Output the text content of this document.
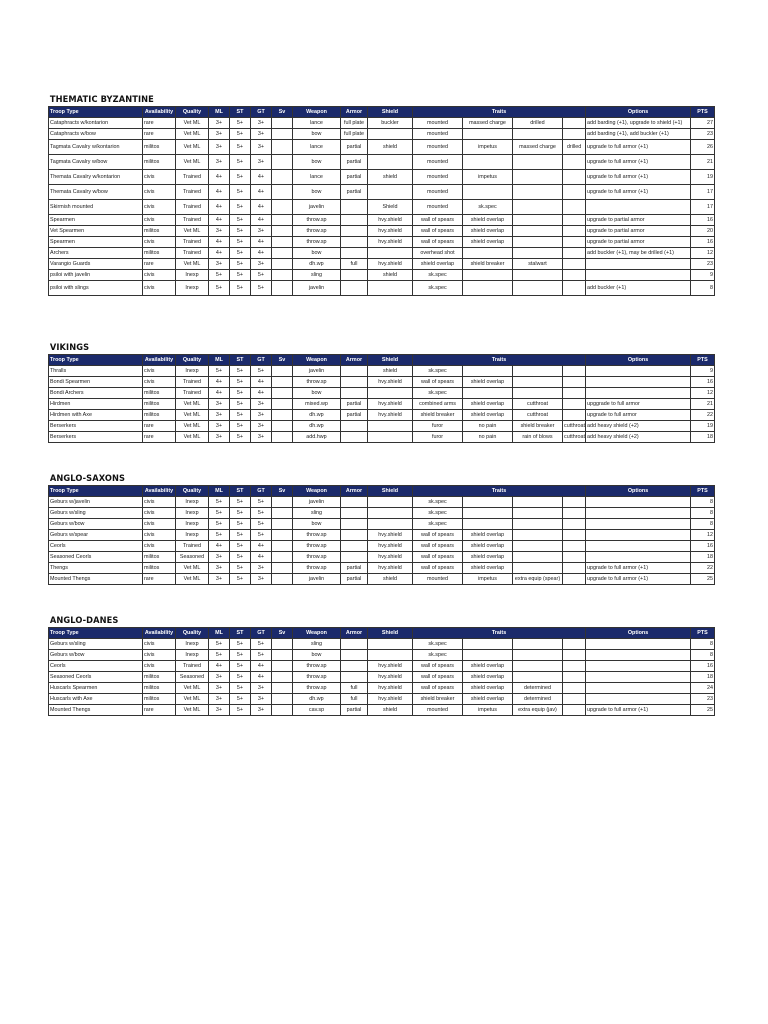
THEMATIC BYZANTINE
Troop Type	Availability	Quality	ML	ST	GT	Sv	Weapon	Armor	Shield	Traits				Options	PTS
Cataphracts w/kontarion	rare	Vet ML	3+	5+	3+		lance	full plate	buckler	mounted	massed charge	drilled		add barding (+1), upgrade to shield (+1)	27
Cataphracts w/bow	rare	Vet ML	3+	5+	3+		bow	full plate		mounted				add barding (+1), add buckler (+1)	23
Tagmata Cavalry w/kontarion	militos	Vet ML	3+	5+	3+		lance	partial	shield	mounted	impetus	massed charge	drilled	upgrade to full armor (+1)	26
Tagmata Cavalry w/bow	militos	Vet ML	3+	5+	3+		bow	partial		mounted				upgrade to full armor (+1)	21
Themata Cavalry w/kontarion	civis	Trained	4+	5+	4+		lance	partial	shield	mounted	impetus			upgrade to full armor (+1)	19
Themata Cavalry w/bow	civis	Trained	4+	5+	4+		bow	partial		mounted				upgrade to full armor (+1)	17
Skirmish mounted	civis	Trained	4+	5+	4+		javelin		Shield	mounted	sk.spec				17
Spearmen	civis	Trained	4+	5+	4+		throw.sp		hvy.shield	wall of spears	shield overlap			upgrade to partial armor	16
Vet Spearmen	militos	Vet ML	3+	5+	3+		throw.sp		hvy.shield	wall of spears	shield overlap			upgrade to partial armor	20
Spearmen	civis	Trained	4+	5+	4+		throw.sp		hvy.shield	wall of spears	shield overlap			upgrade to partial armor	16
Archers	militos	Trained	4+	5+	4+		bow			overhead shot				add buckler (+1), may be drilled (+1)	12
Varangio Guards	rare	Vet ML	3+	5+	3+		dh.wp	full	hvy.shield	shield overlap	shield breaker	stalwart			23
psiloi with javelin	civis	Inexp	5+	5+	5+		sling		shield	sk.spec					9
psiloi with slings	civis	Inexp	5+	5+	5+		javelin			sk.spec				add buckler (+1)	8
VIKINGS
Troop Type	Availability	Quality	ML	ST	GT	Sv	Weapon	Armor	Shield	Traits				Options	PTS
Thralls	civis	Inexp	5+	5+	5+		javelin		shield	sk.spec					9
Bondi Spearmen	civis	Trained	4+	5+	4+		throw.sp		hvy.shield	wall of spears	shield overlap				16
Bondi Archers	militos	Trained	4+	5+	4+		bow			sk.spec					12
Hirdmen	militos	Vet ML	3+	5+	3+		mixed.wp	partial	hvy.shield	combined arms	shield overlap	cutthroat		upggrade to full armor	21
Hirdmen with Axe	militos	Vet ML	3+	5+	3+		dh.wp	partial	hvy.shield	shield breaker	shield overlap	cutthroat		upgrade to full armor	22
Berserkers	rare	Vet ML	3+	5+	3+		dh.wp			furor	no pain	shield breaker	cutthroat	add heavy shield (+2)	19
Berserkers	rare	Vet ML	3+	5+	3+		add.hwp			furor	no pain	rain of blows	cutthroat	add heavy shield (+2)	18
ANGLO-SAXONS
Troop Type	Availability	Quality	ML	ST	GT	Sv	Weapon	Armor	Shield	Traits				Options	PTS
Geburs w/javelin	civis	Inexp	5+	5+	5+		javelin			sk.spec					8
Geburs w/sling	civis	Inexp	5+	5+	5+		sling			sk.spec					8
Geburs w/bow	civis	Inexp	5+	5+	5+		bow			sk.spec					8
Geburs w/spear	civis	Inexp	5+	5+	5+		throw.sp		hvy.shield	wall of spears	shield overlap				12
Ceorls	civis	Trained	4+	5+	4+		throw.sp		hvy.shield	wall of spears	shield overlap				16
Seasoned Ceorls	militos	Seasoned	3+	5+	4+		throw.sp		hvy.shield	wall of spears	shield overlap				18
Thengs	militos	Vet ML	3+	5+	3+		throw.sp	partial	hvy.shield	wall of spears	shield overlap			upgrade to full armor (+1)	22
Mounted Thengs	rare	Vet ML	3+	5+	3+		javelin	partial	shield	mounted	impetus	extra equip (spear)		upgrade to full armor (+1)	25
ANGLO-DANES
Troop Type	Availability	Quality	ML	ST	GT	Sv	Weapon	Armor	Shield	Traits				Options	PTS
Geburs w/sling	civis	Inexp	5+	5+	5+		sling			sk.spec					8
Geburs w/bow	civis	Inexp	5+	5+	5+		bow			sk.spec					8
Ceorls	civis	Trained	4+	5+	4+		throw.sp		hvy.shield	wall of spears	shield overlap				16
Seasoned Ceorls	militos	Seasoned	3+	5+	4+		throw.sp		hvy.shield	wall of spears	shield overlap				18
Huscarls Spearmen	militos	Vet ML	3+	5+	3+		throw.sp	full	hvy.shield	wall of spears	shield overlap	determined			24
Huscarls with Axe	militos	Vet ML	3+	5+	3+		dh.wp	full	hvy.shield	shield breaker	shield overlap	determined			23
Mounted Thengs	rare	Vet ML	3+	5+	3+		cav.sp	partial	shield	mounted	impetus	extra equip (jav)		upgrade to full armor (+1)	25
